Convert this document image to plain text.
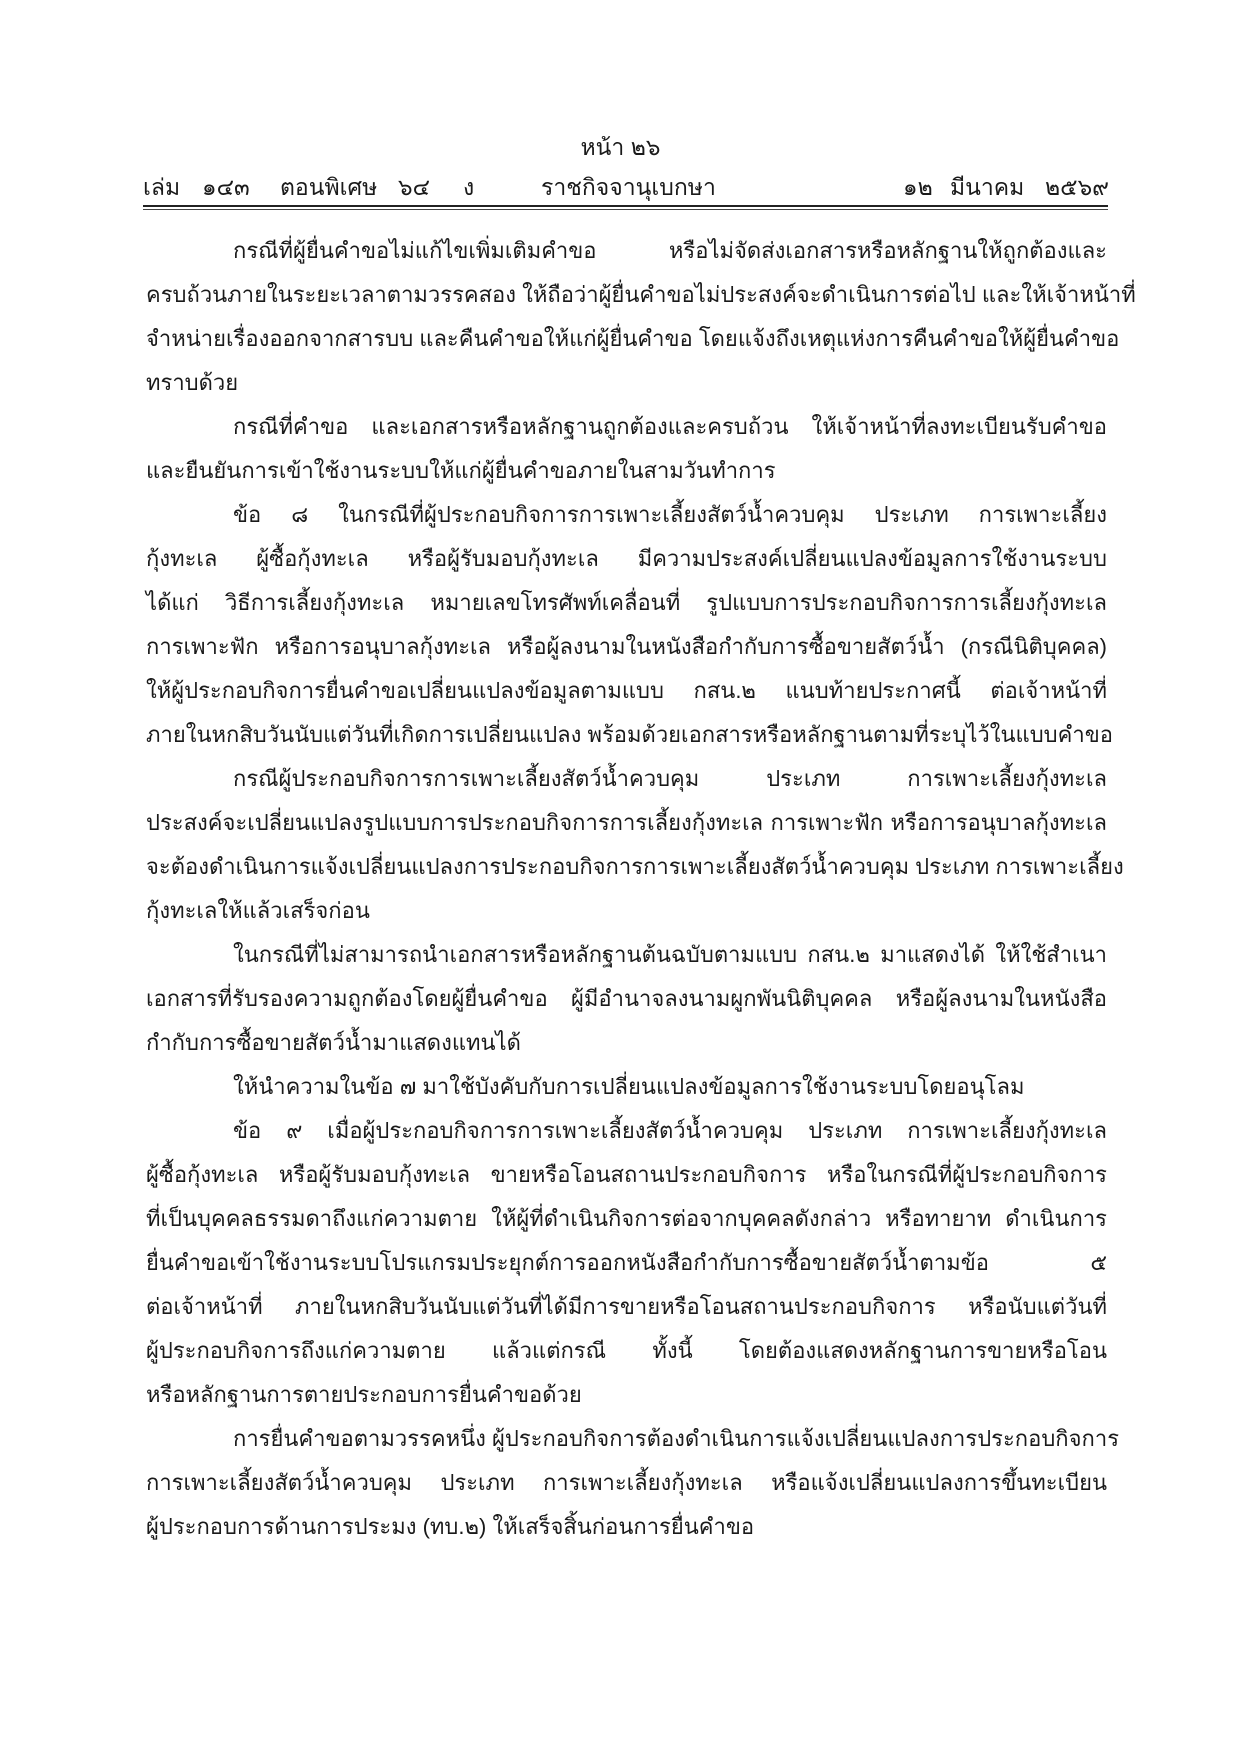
หน้า ๒๖
เล่ม ๑๔๓ ตอนพิเศษ ๖๔ ง	ราชกิจจานุเบกษา	๑๒ มีนาคม ๒๕๖๙
กรณีที่ผู้ยื่นคำขอไม่แก้ไขเพิ่มเติมคำขอ หรือไม่จัดส่งเอกสารหรือหลักฐานให้ถูกต้องและ
ครบถ้วนภายในระยะเวลาตามวรรคสอง ให้ถือว่าผู้ยื่นคำขอไม่ประสงค์จะดำเนินการต่อไป และให้เจ้าหน้าที่
จำหน่ายเรื่องออกจากสารบบ และคืนคำขอให้แก่ผู้ยื่นคำขอ โดยแจ้งถึงเหตุแห่งการคืนคำขอให้ผู้ยื่นคำขอ
ทราบด้วย
กรณีที่คำขอ และเอกสารหรือหลักฐานถูกต้องและครบถ้วน ให้เจ้าหน้าที่ลงทะเบียนรับคำขอ
และยืนยันการเข้าใช้งานระบบให้แก่ผู้ยื่นคำขอภายในสามวันทำการ
ข้อ ๘ ในกรณีที่ผู้ประกอบกิจการการเพาะเลี้ยงสัตว์น้ำควบคุม ประเภท การเพาะเลี้ยง
กุ้งทะเล ผู้ซื้อกุ้งทะเล หรือผู้รับมอบกุ้งทะเล มีความประสงค์เปลี่ยนแปลงข้อมูลการใช้งานระบบ
ได้แก่ วิธีการเลี้ยงกุ้งทะเล หมายเลขโทรศัพท์เคลื่อนที่ รูปแบบการประกอบกิจการการเลี้ยงกุ้งทะเล
การเพาะฟัก หรือการอนุบาลกุ้งทะเล หรือผู้ลงนามในหนังสือกำกับการซื้อขายสัตว์น้ำ (กรณีนิติบุคคล)
ให้ผู้ประกอบกิจการยื่นคำขอเปลี่ยนแปลงข้อมูลตามแบบ กสน.๒ แนบท้ายประกาศนี้ ต่อเจ้าหน้าที่
ภายในหกสิบวันนับแต่วันที่เกิดการเปลี่ยนแปลง พร้อมด้วยเอกสารหรือหลักฐานตามที่ระบุไว้ในแบบคำขอ
กรณีผู้ประกอบกิจการการเพาะเลี้ยงสัตว์น้ำควบคุม ประเภท การเพาะเลี้ยงกุ้งทะเล
ประสงค์จะเปลี่ยนแปลงรูปแบบการประกอบกิจการการเลี้ยงกุ้งทะเล การเพาะฟัก หรือการอนุบาลกุ้งทะเล
จะต้องดำเนินการแจ้งเปลี่ยนแปลงการประกอบกิจการการเพาะเลี้ยงสัตว์น้ำควบคุม ประเภท การเพาะเลี้ยง
กุ้งทะเลให้แล้วเสร็จก่อน
ในกรณีที่ไม่สามารถนำเอกสารหรือหลักฐานต้นฉบับตามแบบ กสน.๒ มาแสดงได้ ให้ใช้สำเนา
เอกสารที่รับรองความถูกต้องโดยผู้ยื่นคำขอ ผู้มีอำนาจลงนามผูกพันนิติบุคคล หรือผู้ลงนามในหนังสือ
กำกับการซื้อขายสัตว์น้ำมาแสดงแทนได้
ให้นำความในข้อ ๗ มาใช้บังคับกับการเปลี่ยนแปลงข้อมูลการใช้งานระบบโดยอนุโลม
ข้อ ๙ เมื่อผู้ประกอบกิจการการเพาะเลี้ยงสัตว์น้ำควบคุม ประเภท การเพาะเลี้ยงกุ้งทะเล
ผู้ซื้อกุ้งทะเล หรือผู้รับมอบกุ้งทะเล ขายหรือโอนสถานประกอบกิจการ หรือในกรณีที่ผู้ประกอบกิจการ
ที่เป็นบุคคลธรรมดาถึงแก่ความตาย ให้ผู้ที่ดำเนินกิจการต่อจากบุคคลดังกล่าว หรือทายาท ดำเนินการ
ยื่นคำขอเข้าใช้งานระบบโปรแกรมประยุกต์การออกหนังสือกำกับการซื้อขายสัตว์น้ำตามข้อ ๕
ต่อเจ้าหน้าที่ ภายในหกสิบวันนับแต่วันที่ได้มีการขายหรือโอนสถานประกอบกิจการ หรือนับแต่วันที่
ผู้ประกอบกิจการถึงแก่ความตาย แล้วแต่กรณี ทั้งนี้ โดยต้องแสดงหลักฐานการขายหรือโอน
หรือหลักฐานการตายประกอบการยื่นคำขอด้วย
การยื่นคำขอตามวรรคหนึ่ง ผู้ประกอบกิจการต้องดำเนินการแจ้งเปลี่ยนแปลงการประกอบกิจการ
การเพาะเลี้ยงสัตว์น้ำควบคุม ประเภท การเพาะเลี้ยงกุ้งทะเล หรือแจ้งเปลี่ยนแปลงการขึ้นทะเบียน
ผู้ประกอบการด้านการประมง (ทบ.๒) ให้เสร็จสิ้นก่อนการยื่นคำขอ
